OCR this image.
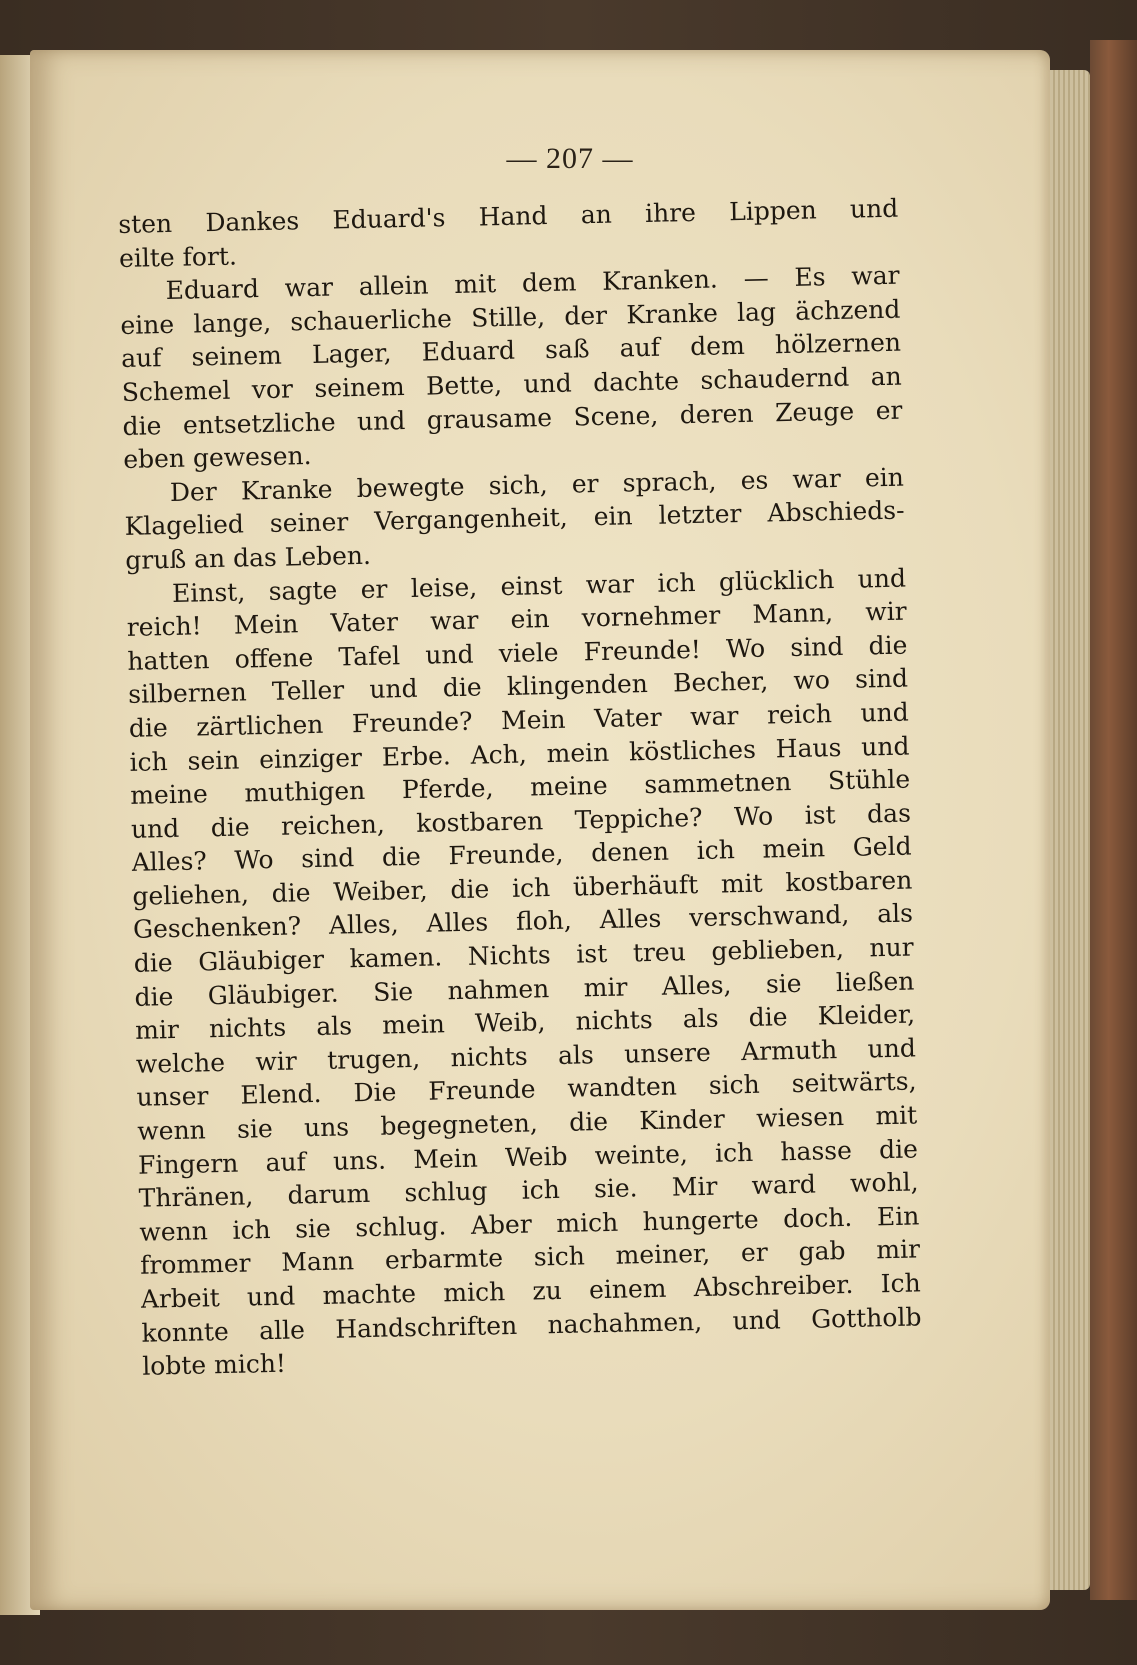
— 207 —
sten Dankes Eduard's Hand an ihre Lippen und
eilte fort.
Eduard war allein mit dem Kranken. — Es war
eine lange, schauerliche Stille, der Kranke lag ächzend
auf seinem Lager, Eduard saß auf dem hölzernen
Schemel vor seinem Bette, und dachte schaudernd an
die entsetzliche und grausame Scene, deren Zeuge er
eben gewesen.
Der Kranke bewegte sich, er sprach, es war ein
Klagelied seiner Vergangenheit, ein letzter Abschieds-
gruß an das Leben.
Einst, sagte er leise, einst war ich glücklich und
reich! Mein Vater war ein vornehmer Mann, wir
hatten offene Tafel und viele Freunde! Wo sind die
silbernen Teller und die klingenden Becher, wo sind
die zärtlichen Freunde? Mein Vater war reich und
ich sein einziger Erbe. Ach, mein köstliches Haus und
meine muthigen Pferde, meine sammetnen Stühle
und die reichen, kostbaren Teppiche? Wo ist das
Alles? Wo sind die Freunde, denen ich mein Geld
geliehen, die Weiber, die ich überhäuft mit kostbaren
Geschenken? Alles, Alles floh, Alles verschwand, als
die Gläubiger kamen. Nichts ist treu geblieben, nur
die Gläubiger. Sie nahmen mir Alles, sie ließen
mir nichts als mein Weib, nichts als die Kleider,
welche wir trugen, nichts als unsere Armuth und
unser Elend. Die Freunde wandten sich seitwärts,
wenn sie uns begegneten, die Kinder wiesen mit
Fingern auf uns. Mein Weib weinte, ich hasse die
Thränen, darum schlug ich sie. Mir ward wohl,
wenn ich sie schlug. Aber mich hungerte doch. Ein
frommer Mann erbarmte sich meiner, er gab mir
Arbeit und machte mich zu einem Abschreiber. Ich
konnte alle Handschriften nachahmen, und Gottholb
lobte mich!
